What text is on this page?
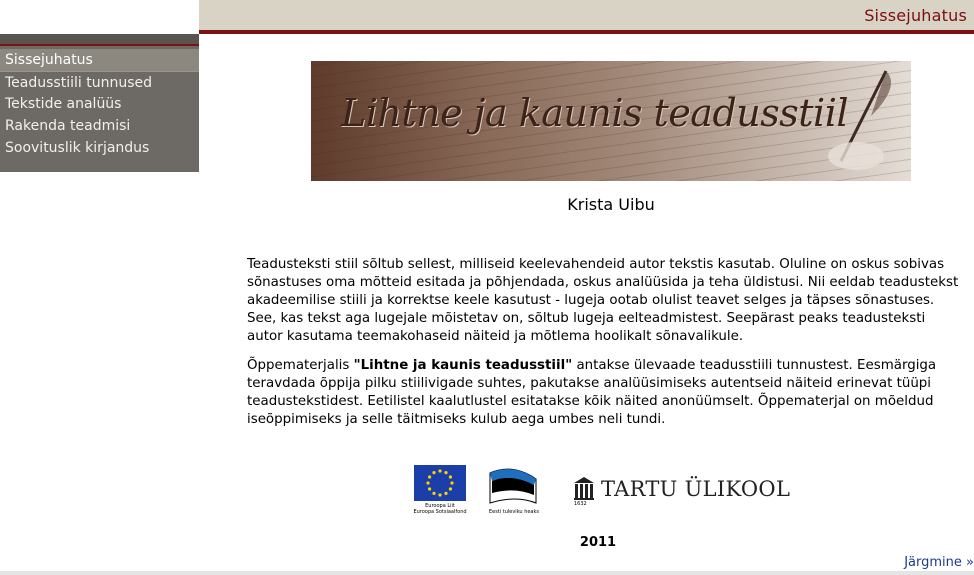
Sissejuhatus
Sissejuhatus
Teadusstiili tunnused
Tekstide analüüs
Rakenda teadmisi
Soovituslik kirjandus
Lihtne ja kaunis teadusstiil
Krista Uibu

Teadusteksti stiil sõltub sellest, milliseid keelevahendeid autor tekstis kasutab. Oluline on oskus sobivas sõnastuses oma mõtteid esitada ja põhjendada, oskus analüüsida ja teha üldistusi. Nii eeldab teadustekst akadeemilise stiili ja korrektse keele kasutust - lugeja ootab olulist teavet selges ja täpses sõnastuses. See, kas tekst aga lugejale mõistetav on, sõltub lugeja eelteadmistest. Seepärast peaks teadusteksti autor kasutama teemakohaseid näiteid ja mõtlema hoolikalt sõnavalikule.

Õppematerjalis "Lihtne ja kaunis teadusstiil" antakse ülevaade teadusstiili tunnustest. Eesmärgiga teravdada õppija pilku stiilivigade suhtes, pakutakse analüüsimiseks autentseid näiteid erinevat tüüpi teadustekstidest. Eetilistel kaalutlustel esitatakse kõik näited anonüümselt. Õppematerjal on mõeldud iseõppimiseks ja selle täitmiseks kulub aega umbes neli tundi.

Euroopa Liit
Euroopa Sotsiaalfond	Eesti tuleviku heaks
TARTU ÜLIKOOL
1632
2011
Järgmine »
